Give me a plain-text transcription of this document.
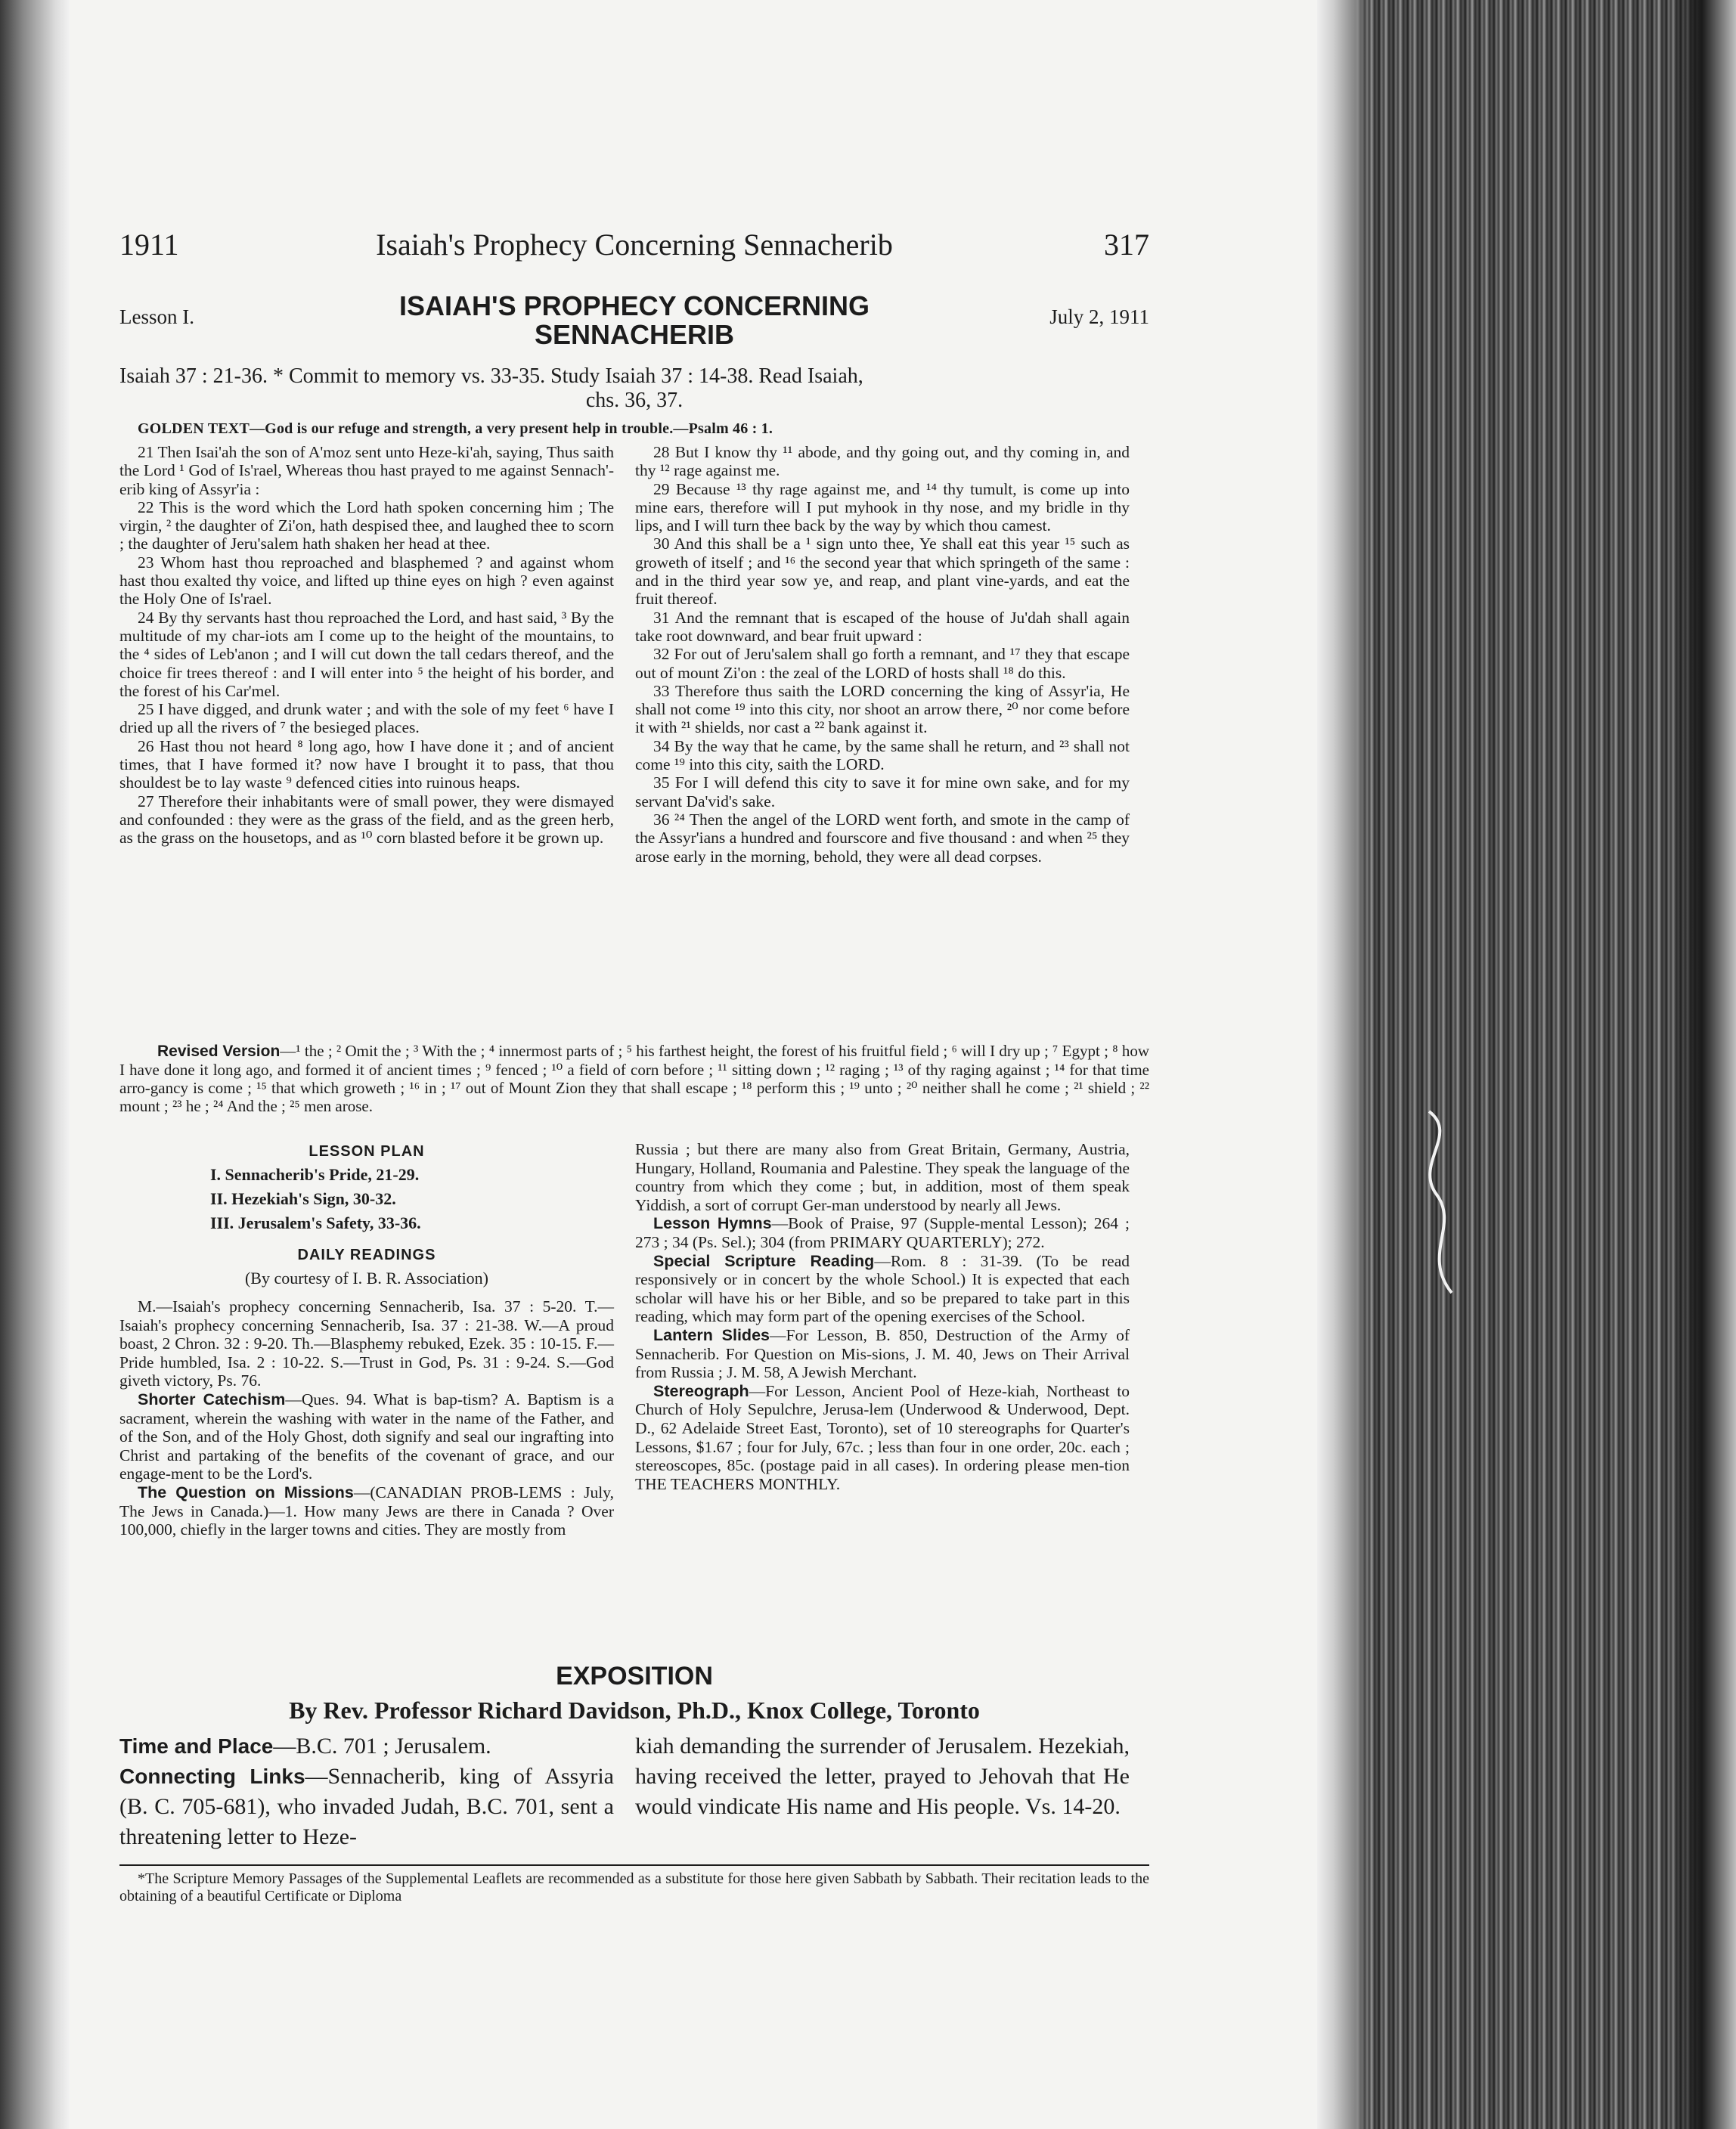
1911	Isaiah's Prophecy Concerning Sennacherib	317
Lesson I.	ISAIAH'S PROPHECY CONCERNING
SENNACHERIB
July 2, 1911
Isaiah 37 : 21-36. * Commit to memory vs. 33-35. Study Isaiah 37 : 14-38. Read Isaiah,
chs. 36, 37.
GOLDEN TEXT—God is our refuge and strength, a very present help in trouble.—Psalm 46 : 1.

21 Then Isai'ah the son of A'moz sent unto Heze-ki'ah, saying, Thus saith the Lord ¹ God of Is'rael, Whereas thou hast prayed to me against Sennach'-erib king of Assyr'ia :

22 This is the word which the Lord hath spoken concerning him ; The virgin, ² the daughter of Zi'on, hath despised thee, and laughed thee to scorn ; the daughter of Jeru'salem hath shaken her head at thee.

23 Whom hast thou reproached and blasphemed ? and against whom hast thou exalted thy voice, and lifted up thine eyes on high ? even against the Holy One of Is'rael.

24 By thy servants hast thou reproached the Lord, and hast said, ³ By the multitude of my char-iots am I come up to the height of the mountains, to the ⁴ sides of Leb'anon ; and I will cut down the tall cedars thereof, and the choice fir trees thereof : and I will enter into ⁵ the height of his border, and the forest of his Car'mel.

25 I have digged, and drunk water ; and with the sole of my feet ⁶ have I dried up all the rivers of ⁷ the besieged places.

26 Hast thou not heard ⁸ long ago, how I have done it ; and of ancient times, that I have formed it? now have I brought it to pass, that thou shouldest be to lay waste ⁹ defenced cities into ruinous heaps.

27 Therefore their inhabitants were of small power, they were dismayed and confounded : they were as the grass of the field, and as the green herb, as the grass on the housetops, and as ¹⁰ corn blasted before it be grown up.

28 But I know thy ¹¹ abode, and thy going out, and thy coming in, and thy ¹² rage against me.

29 Because ¹³ thy rage against me, and ¹⁴ thy tumult, is come up into mine ears, therefore will I put myhook in thy nose, and my bridle in thy lips, and I will turn thee back by the way by which thou camest.

30 And this shall be a ¹ sign unto thee, Ye shall eat this year ¹⁵ such as groweth of itself ; and ¹⁶ the second year that which springeth of the same : and in the third year sow ye, and reap, and plant vine-yards, and eat the fruit thereof.

31 And the remnant that is escaped of the house of Ju'dah shall again take root downward, and bear fruit upward :

32 For out of Jeru'salem shall go forth a remnant, and ¹⁷ they that escape out of mount Zi'on : the zeal of the LORD of hosts shall ¹⁸ do this.

33 Therefore thus saith the LORD concerning the king of Assyr'ia, He shall not come ¹⁹ into this city, nor shoot an arrow there, ²⁰ nor come before it with ²¹ shields, nor cast a ²² bank against it.

34 By the way that he came, by the same shall he return, and ²³ shall not come ¹⁹ into this city, saith the LORD.

35 For I will defend this city to save it for mine own sake, and for my servant Da'vid's sake.

36 ²⁴ Then the angel of the LORD went forth, and smote in the camp of the Assyr'ians a hundred and fourscore and five thousand : and when ²⁵ they arose early in the morning, behold, they were all dead corpses.

Revised Version—¹ the ; ² Omit the ; ³ With the ; ⁴ innermost parts of ; ⁵ his farthest height, the forest of his fruitful field ; ⁶ will I dry up ; ⁷ Egypt ; ⁸ how I have done it long ago, and formed it of ancient times ; ⁹ fenced ; ¹⁰ a field of corn before ; ¹¹ sitting down ; ¹² raging ; ¹³ of thy raging against ; ¹⁴ for that time arro-gancy is come ; ¹⁵ that which groweth ; ¹⁶ in ; ¹⁷ out of Mount Zion they that shall escape ; ¹⁸ perform this ; ¹⁹ unto ; ²⁰ neither shall he come ; ²¹ shield ; ²² mount ; ²³ he ; ²⁴ And the ; ²⁵ men arose.
LESSON PLAN
I. Sennacherib's Pride, 21-29.
II. Hezekiah's Sign, 30-32.
III. Jerusalem's Safety, 33-36.
DAILY READINGS
(By courtesy of I. B. R. Association)

M.—Isaiah's prophecy concerning Sennacherib, Isa. 37 : 5-20. T.—Isaiah's prophecy concerning Sennacherib, Isa. 37 : 21-38. W.—A proud boast, 2 Chron. 32 : 9-20. Th.—Blasphemy rebuked, Ezek. 35 : 10-15. F.—Pride humbled, Isa. 2 : 10-22. S.—Trust in God, Ps. 31 : 9-24. S.—God giveth victory, Ps. 76.

Shorter Catechism—Ques. 94. What is bap-tism? A. Baptism is a sacrament, wherein the washing with water in the name of the Father, and of the Son, and of the Holy Ghost, doth signify and seal our ingrafting into Christ and partaking of the benefits of the covenant of grace, and our engage-ment to be the Lord's.

The Question on Missions—(CANADIAN PROB-LEMS : July, The Jews in Canada.)—1. How many Jews are there in Canada ? Over 100,000, chiefly in the larger towns and cities. They are mostly from

Russia ; but there are many also from Great Britain, Germany, Austria, Hungary, Holland, Roumania and Palestine. They speak the language of the country from which they come ; but, in addition, most of them speak Yiddish, a sort of corrupt Ger-man understood by nearly all Jews.

Lesson Hymns—Book of Praise, 97 (Supple-mental Lesson); 264 ; 273 ; 34 (Ps. Sel.); 304 (from PRIMARY QUARTERLY); 272.

Special Scripture Reading—Rom. 8 : 31-39. (To be read responsively or in concert by the whole School.) It is expected that each scholar will have his or her Bible, and so be prepared to take part in this reading, which may form part of the opening exercises of the School.

Lantern Slides—For Lesson, B. 850, Destruction of the Army of Sennacherib. For Question on Mis-sions, J. M. 40, Jews on Their Arrival from Russia ; J. M. 58, A Jewish Merchant.

Stereograph—For Lesson, Ancient Pool of Heze-kiah, Northeast to Church of Holy Sepulchre, Jerusa-lem (Underwood & Underwood, Dept. D., 62 Adelaide Street East, Toronto), set of 10 stereographs for Quarter's Lessons, $1.67 ; four for July, 67c. ; less than four in one order, 20c. each ; stereoscopes, 85c. (postage paid in all cases). In ordering please men-tion THE TEACHERS MONTHLY.

EXPOSITION
By Rev. Professor Richard Davidson, Ph.D., Knox College, Toronto

Time and Place—B.C. 701 ; Jerusalem.

Connecting Links—Sennacherib, king of Assyria (B. C. 705-681), who invaded Judah, B.C. 701, sent a threatening letter to Heze-

kiah demanding the surrender of Jerusalem. Hezekiah, having received the letter, prayed to Jehovah that He would vindicate His name and His people. Vs. 14-20.

*The Scripture Memory Passages of the Supplemental Leaflets are recommended as a substitute for those here given Sabbath by Sabbath. Their recitation leads to the obtaining of a beautiful Certificate or Diploma
